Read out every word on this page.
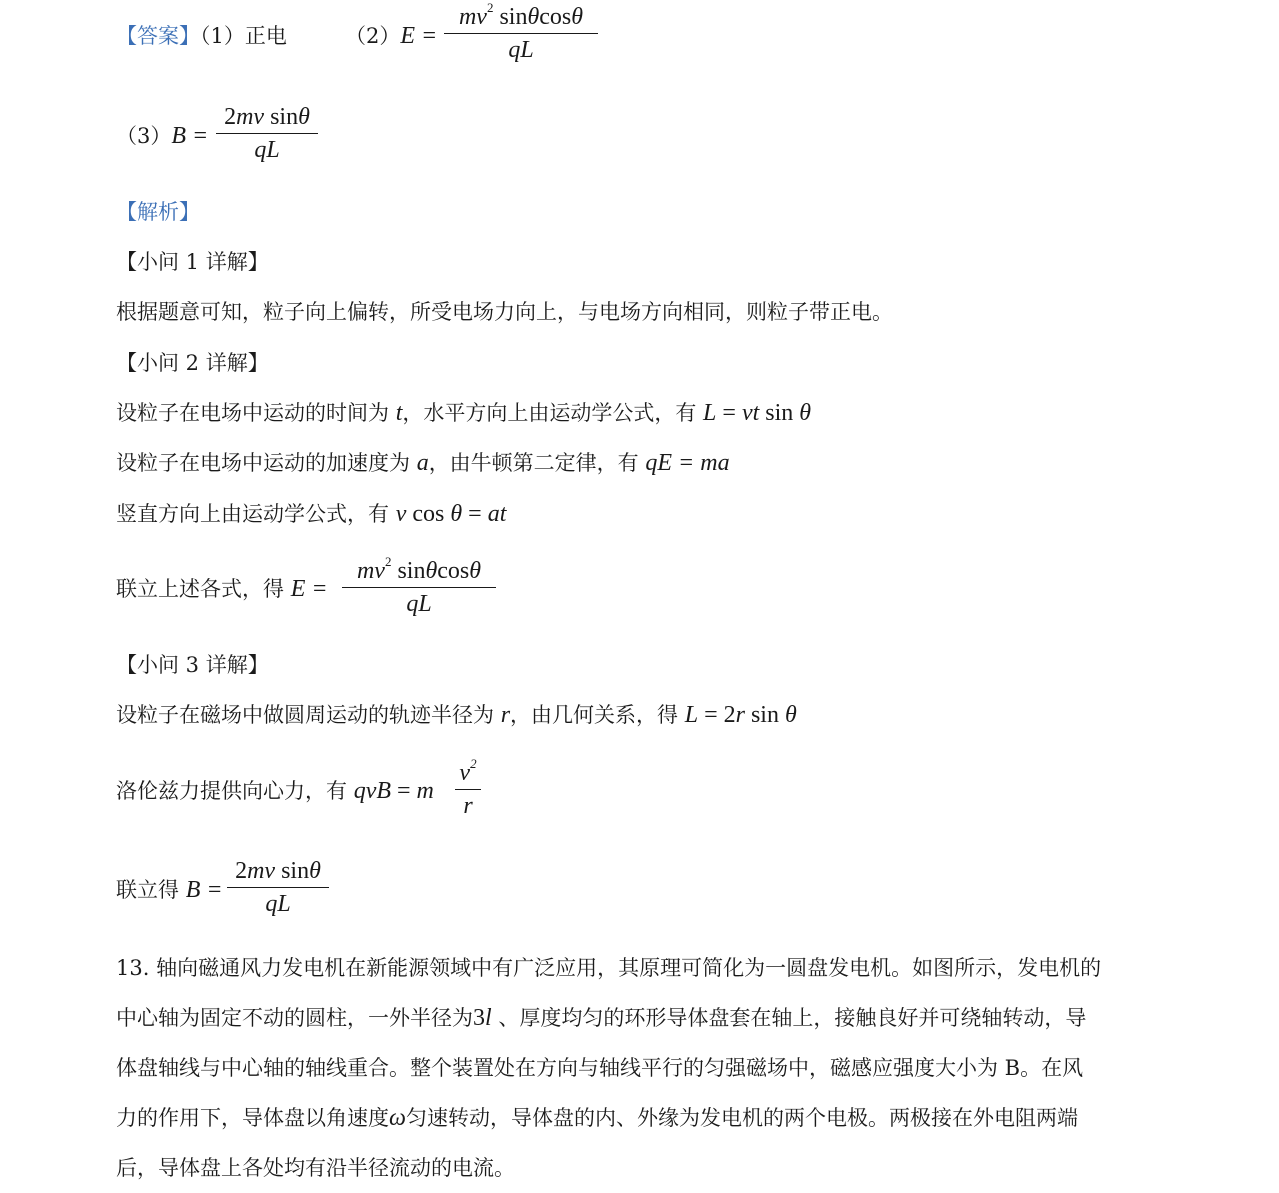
【答案】（1）正电	（2）E =
$mv^2$ sinθcosθ
qL
（3）B =
2mv sinθ
qL
【解析】
【小问 1 详解】
根据题意可知，粒子向上偏转，所受电场力向上，与电场方向相同，则粒子带正电。
【小问 2 详解】
设粒子在电场中运动的时间为 t，水平方向上由运动学公式，有 L = vt sin θ
设粒子在电场中运动的加速度为 a，由牛顿第二定律，有 qE = ma
竖直方向上由运动学公式，有 v cos θ = at
联立上述各式，得 E =
$mv^2$ sinθcosθ
qL
【小问 3 详解】
设粒子在磁场中做圆周运动的轨迹半径为 r，由几何关系，得 L = 2r sin θ
洛伦兹力提供向心力，有 qvB = m
$v^2$
r
联立得 B =
2mv sinθ
qL
13. 轴向磁通风力发电机在新能源领域中有广泛应用，其原理可简化为一圆盘发电机。如图所示，发电机的
中心轴为固定不动的圆柱，一外半径为3l 、厚度均匀的环形导体盘套在轴上，接触良好并可绕轴转动，导
体盘轴线与中心轴的轴线重合。整个装置处在方向与轴线平行的匀强磁场中，磁感应强度大小为 B。在风
力的作用下，导体盘以角速度ω匀速转动，导体盘的内、外缘为发电机的两个电极。两极接在外电阻两端
后，导体盘上各处均有沿半径流动的电流。
